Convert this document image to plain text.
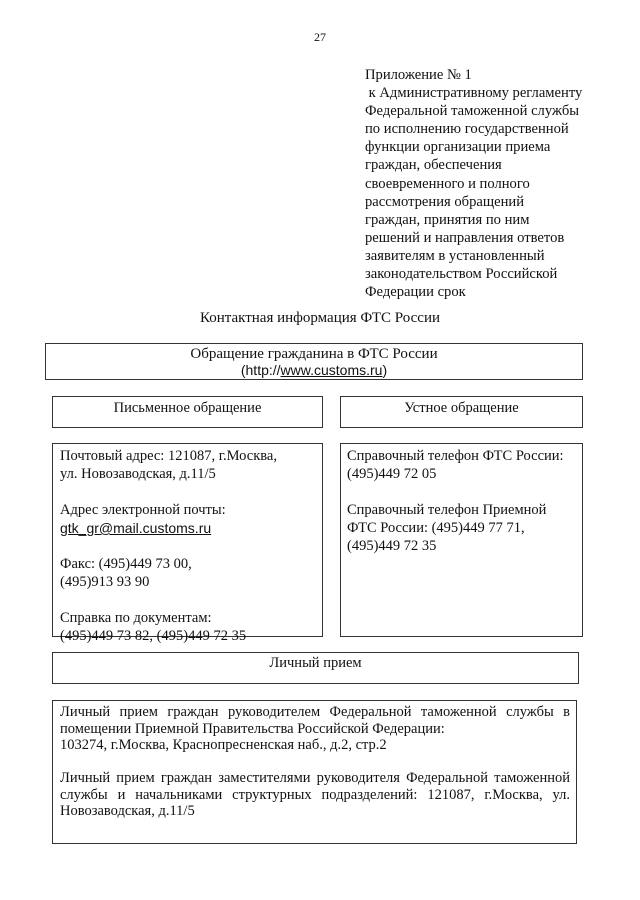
27
Приложение № 1
к Административному регламенту
Федеральной таможенной службы
по исполнению государственной
функции организации приема
граждан, обеспечения
своевременного и полного
рассмотрения обращений
граждан, принятия по ним
решений и направления ответов
заявителям в установленный
законодательством Российской
Федерации срок
Контактная информация ФТС России
Обращение гражданина в ФТС России
(http://www.customs.ru)
Письменное обращение	Устное обращение
Почтовый адрес: 121087, г.Москва,
ул. Новозаводская, д.11/5
Адрес электронной почты:
gtk_gr@mail.customs.ru
Факс: (495)449 73 00,
(495)913 93 90
Справка по документам:
(495)449 73 82, (495)449 72 35
Справочный телефон ФТС России:
(495)449 72 05
Справочный телефон Приемной
ФТС России: (495)449 77 71,
(495)449 72 35
Личный прием
Личный прием граждан руководителем Федеральной таможенной службы в помещении Приемной Правительства Российской Федерации:
103274, г.Москва, Краснопресненская наб., д.2, стр.2
Личный прием граждан заместителями руководителя Федеральной таможенной службы и начальниками структурных подразделений: 121087, г.Москва, ул. Новозаводская, д.11/5
